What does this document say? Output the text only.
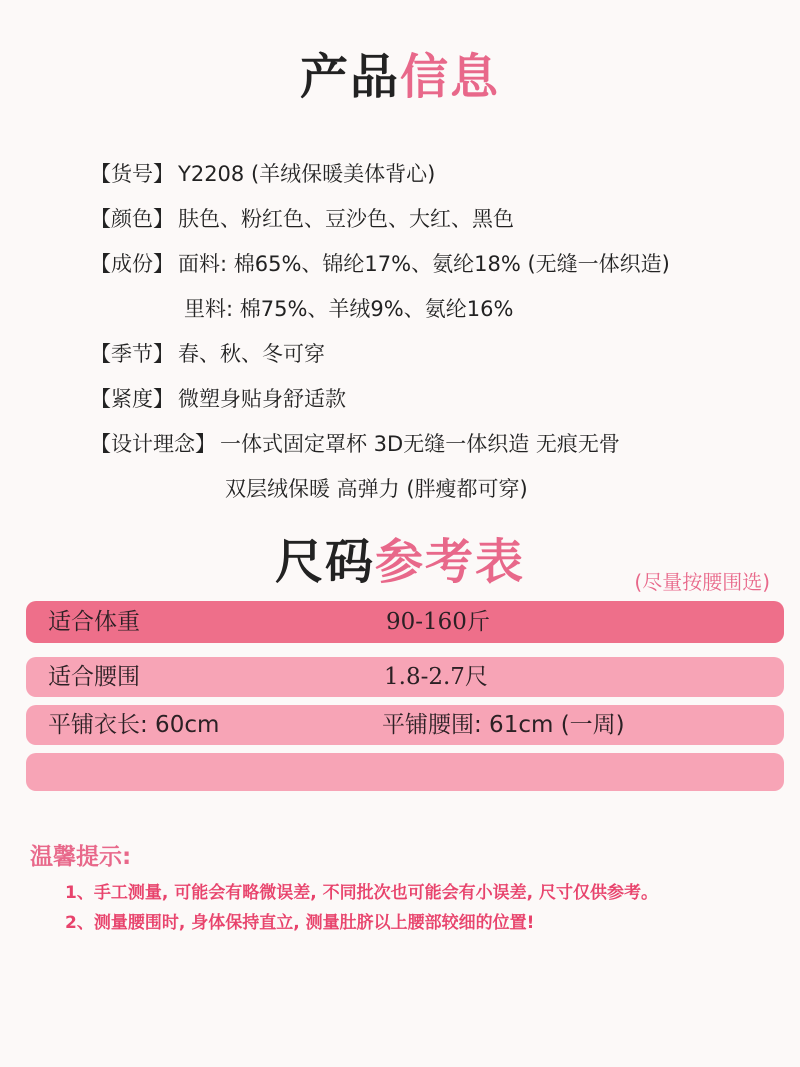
产品信息
【货号】 Y2208 (羊绒保暖美体背心)
【颜色】 肤色、粉红色、豆沙色、大红、黑色
【成份】 面料: 棉65%、锦纶17%、氨纶18% (无缝一体织造)
里料: 棉75%、羊绒9%、氨纶16%
【季节】 春、秋、冬可穿
【紧度】 微塑身贴身舒适款
【设计理念】 一体式固定罩杯 3D无缝一体织造 无痕无骨
双层绒保暖 高弹力 (胖瘦都可穿)
尺码参考表	(尽量按腰围选)
适合体重	90-160斤
适合腰围	1.8-2.7尺
平铺衣长: 60cm	平铺腰围: 61cm (一周)
温馨提示:
1、手工测量, 可能会有略微误差, 不同批次也可能会有小误差, 尺寸仅供参考。
2、测量腰围时, 身体保持直立, 测量肚脐以上腰部较细的位置!
